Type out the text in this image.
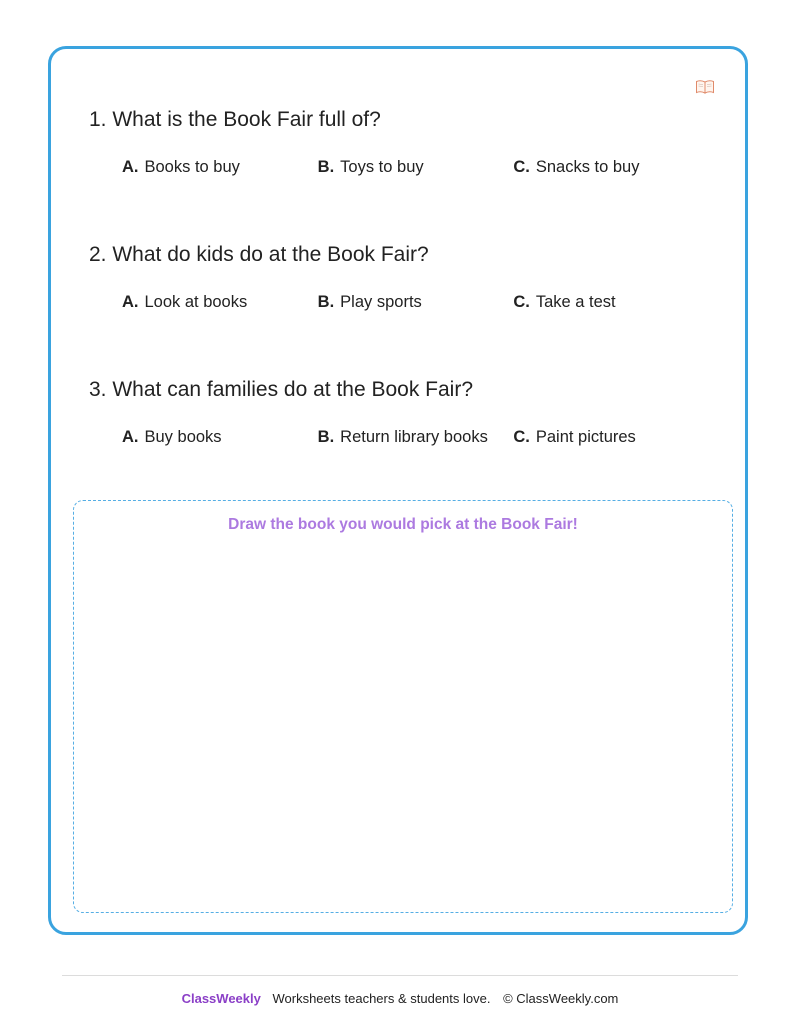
1. What is the Book Fair full of?

A. Books to buy	B. Toys to buy	C. Snacks to buy

2. What do kids do at the Book Fair?

A. Look at books	B. Play sports	C. Take a test

3. What can families do at the Book Fair?

A. Buy books	B. Return library books	C. Paint pictures
Draw the book you would pick at the Book Fair!
ClassWeekly Worksheets teachers & students love. © ClassWeekly.com
